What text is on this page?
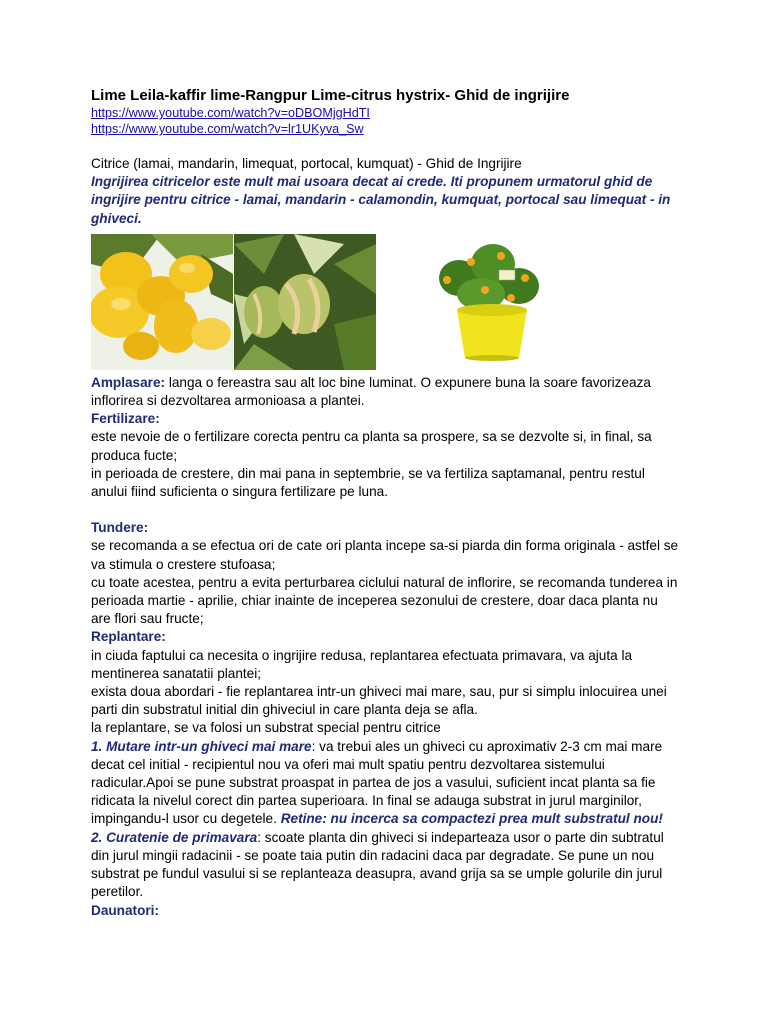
Lime Leila-kaffir lime-Rangpur Lime-citrus hystrix- Ghid de ingrijire

https://www.youtube.com/watch?v=oDBOMjgHdTI
https://www.youtube.com/watch?v=lr1UKyva_Sw

Citrice (lamai, mandarin, limequat, portocal, kumquat) - Ghid de Ingrijire

Ingrijirea citricelor este mult mai usoara decat ai crede. Iti propunem urmatorul ghid de ingrijire pentru citrice - lamai, mandarin - calamondin, kumquat, portocal sau limequat - in ghiveci.

Amplasare: langa o fereastra sau alt loc bine luminat. O expunere buna la soare favorizeaza inflorirea si dezvoltarea armonioasa a plantei.

Fertilizare:

este nevoie de o fertilizare corecta pentru ca planta sa prospere, sa se dezvolte si, in final, sa produca fucte;

in perioada de crestere, din mai pana in septembrie, se va fertiliza saptamanal, pentru restul anului fiind suficienta o singura fertilizare pe luna.

Tundere:

se recomanda a se efectua ori de cate ori planta incepe sa-si piarda din forma originala - astfel se va stimula o crestere stufoasa;

cu toate acestea, pentru a evita perturbarea ciclului natural de inflorire, se recomanda tunderea in perioada martie - aprilie, chiar inainte de inceperea sezonului de crestere, doar daca planta nu are flori sau fructe;

Replantare:

in ciuda faptului ca necesita o ingrijire redusa, replantarea efectuata primavara, va ajuta la mentinerea sanatatii plantei;

exista doua abordari - fie replantarea intr-un ghiveci mai mare, sau, pur si simplu inlocuirea unei parti din substratul initial din ghiveciul in care planta deja se afla.

la replantare, se va folosi un substrat special pentru citrice

1. Mutare intr-un ghiveci mai mare: va trebui ales un ghiveci cu aproximativ 2-3 cm mai mare decat cel initial - recipientul nou va oferi mai mult spatiu pentru dezvoltarea sistemului radicular.Apoi se pune substrat proaspat in partea de jos a vasului, suficient incat planta sa fie ridicata la nivelul corect din partea superioara. In final se adauga substrat in jurul marginilor, impingandu-l usor cu degetele. Retine: nu incerca sa compactezi prea mult substratul nou!

2. Curatenie de primavara: scoate planta din ghiveci si indeparteaza usor o parte din subtratul din jurul mingii radacinii - se poate taia putin din radacini daca par degradate. Se pune un nou substrat pe fundul vasului si se replanteaza deasupra, avand grija sa se umple golurile din jurul peretilor.

Daunatori:
